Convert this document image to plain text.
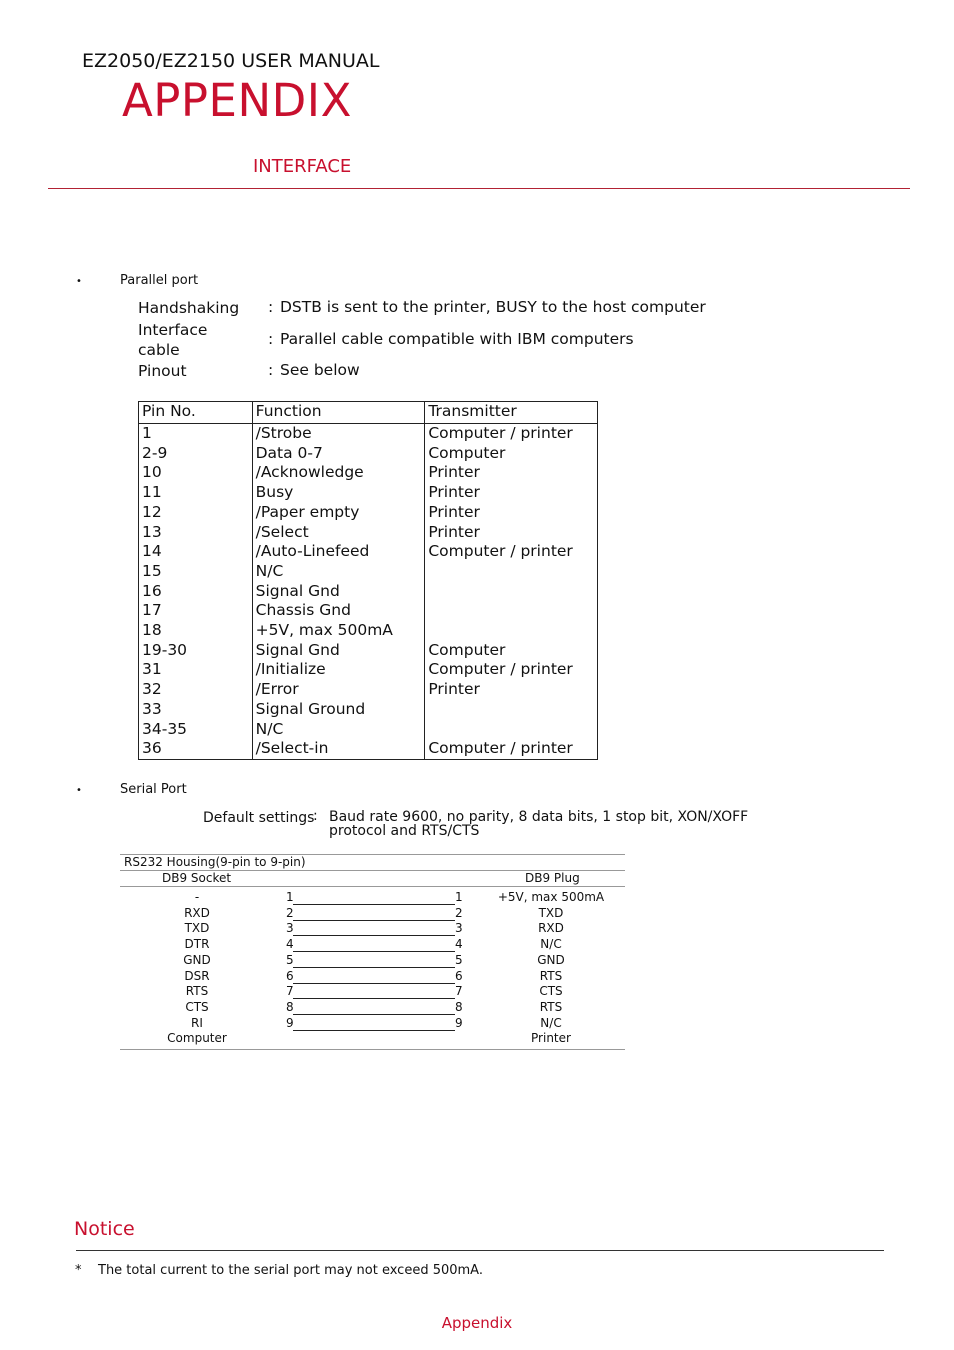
EZ2050/EZ2150 USER MANUAL
APPENDIX
INTERFACE
•	Parallel port
Handshaking : DSTB is sent to the printer, BUSY to the host computer
Interface cable
: Parallel cable compatible with IBM computers
Pinout	: See below
Pin No.	Function	Transmitter
1	/Strobe	Computer / printer
2-9	Data 0-7	Computer
10	/Acknowledge	Printer
11	Busy	Printer
12	/Paper empty	Printer
13	/Select	Printer
14	/Auto-Linefeed	Computer / printer
15	N/C	
16	Signal Gnd	
17	Chassis Gnd	
18	+5V, max 500mA	
19-30	Signal Gnd	Computer
31	/Initialize	Computer / printer
32	/Error	Printer
33	Signal Ground	
34-35	N/C	
36	/Select-in	Computer / printer
•	Serial Port
Default settings
: Baud rate 9600, no parity, 8 data bits, 1 stop bit, XON/XOFF protocol and RTS/CTS
RS232 Housing(9-pin to 9-pin)
DB9 Socket	DB9 Plug
-	1	1	+5V, max 500mA
RXD	2	2	TXD
TXD	3	3	RXD
DTR	4	4	N/C
GND	5	5	GND
DSR	6	6	RTS
RTS	7	7	CTS
CTS	8	8	RTS
RI	9	9	N/C
Computer	Printer
Notice
* The total current to the serial port may not exceed 500mA.
Appendix
